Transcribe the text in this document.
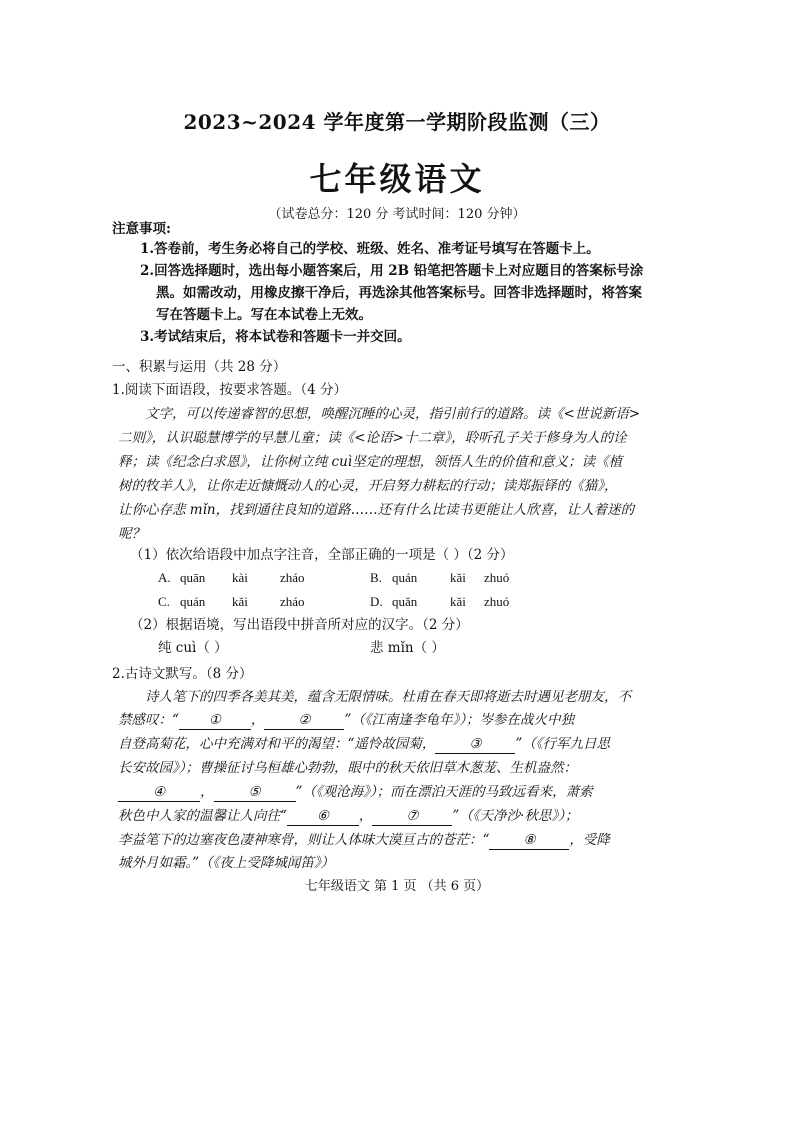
2023~2024 学年度第一学期阶段监测（三）
七年级语文
（试卷总分：120 分 考试时间：120 分钟）
注意事项:
1.答卷前，考生务必将自己的学校、班级、姓名、准考证号填写在答题卡上。
2.回答选择题时，选出每小题答案后，用 2B 铅笔把答题卡上对应题目的答案标号涂
黑。如需改动，用橡皮擦干净后，再选涂其他答案标号。回答非选择题时，将答案
写在答题卡上。写在本试卷上无效。
3.考试结束后，将本试卷和答题卡一并交回。
一、积累与运用（共 28 分）
1.阅读下面语段，按要求答题。（4 分）
文字，可以传递睿智的思想，唤醒沉睡的心灵，指引前行的道路。读《<世说新语>
二则》，认识聪慧博学的早慧儿童；读《<论语>十二章》，聆听孔子关于修身为人的诠
释；读《纪念白求恩》，让你树立纯 cuì坚定的理想，领悟人生的价值和意义；读《植
树的牧羊人》，让你走近慷慨动人的心灵，开启努力耕耘的行动；读郑振铎的《猫》，
让你心存悲 mǐn，找到通往良知的道路……还有什么比读书更能让人欣喜，让人着迷的
呢？
（1）依次给语段中加点字注音，全部正确的一项是（ ）（2 分）
A. quān kài zháo	B. quán	kǎi zhuó
C. quán kǎi zháo	D. quǎn	kǎi zhuó
（2）根据语境，写出语段中拼音所对应的汉字。（2 分）
纯 cuì（ ）	悲 mǐn（ ）
2.古诗文默写。（8 分）
诗人笔下的四季各美其美，蕴含无限情味。杜甫在春天即将逝去时遇见老朋友，不
禁感叹：“ ① ，	②	”（《江南逢李龟年》）；岑参在战火中独
自登高菊花，心中充满对和平的渴望：“遥怜故园菊，	③	”（《行军九日思
长安故园》）；曹操征讨乌桓雄心勃勃，眼中的秋天依旧草木葱茏、生机盎然：
④	，	⑤	”（《观沧海》）；而在漂泊天涯的马致远看来，萧索
秋色中人家的温馨让人向往“ ⑥ ，	⑦	”（《天净沙·秋思》）；
李益笔下的边塞夜色凄神寒骨，则让人体味大漠亘古的苍茫：“	⑧	，受降
城外月如霜。”（《夜上受降城闻笛》）
七年级语文 第 1 页 （共 6 页）
